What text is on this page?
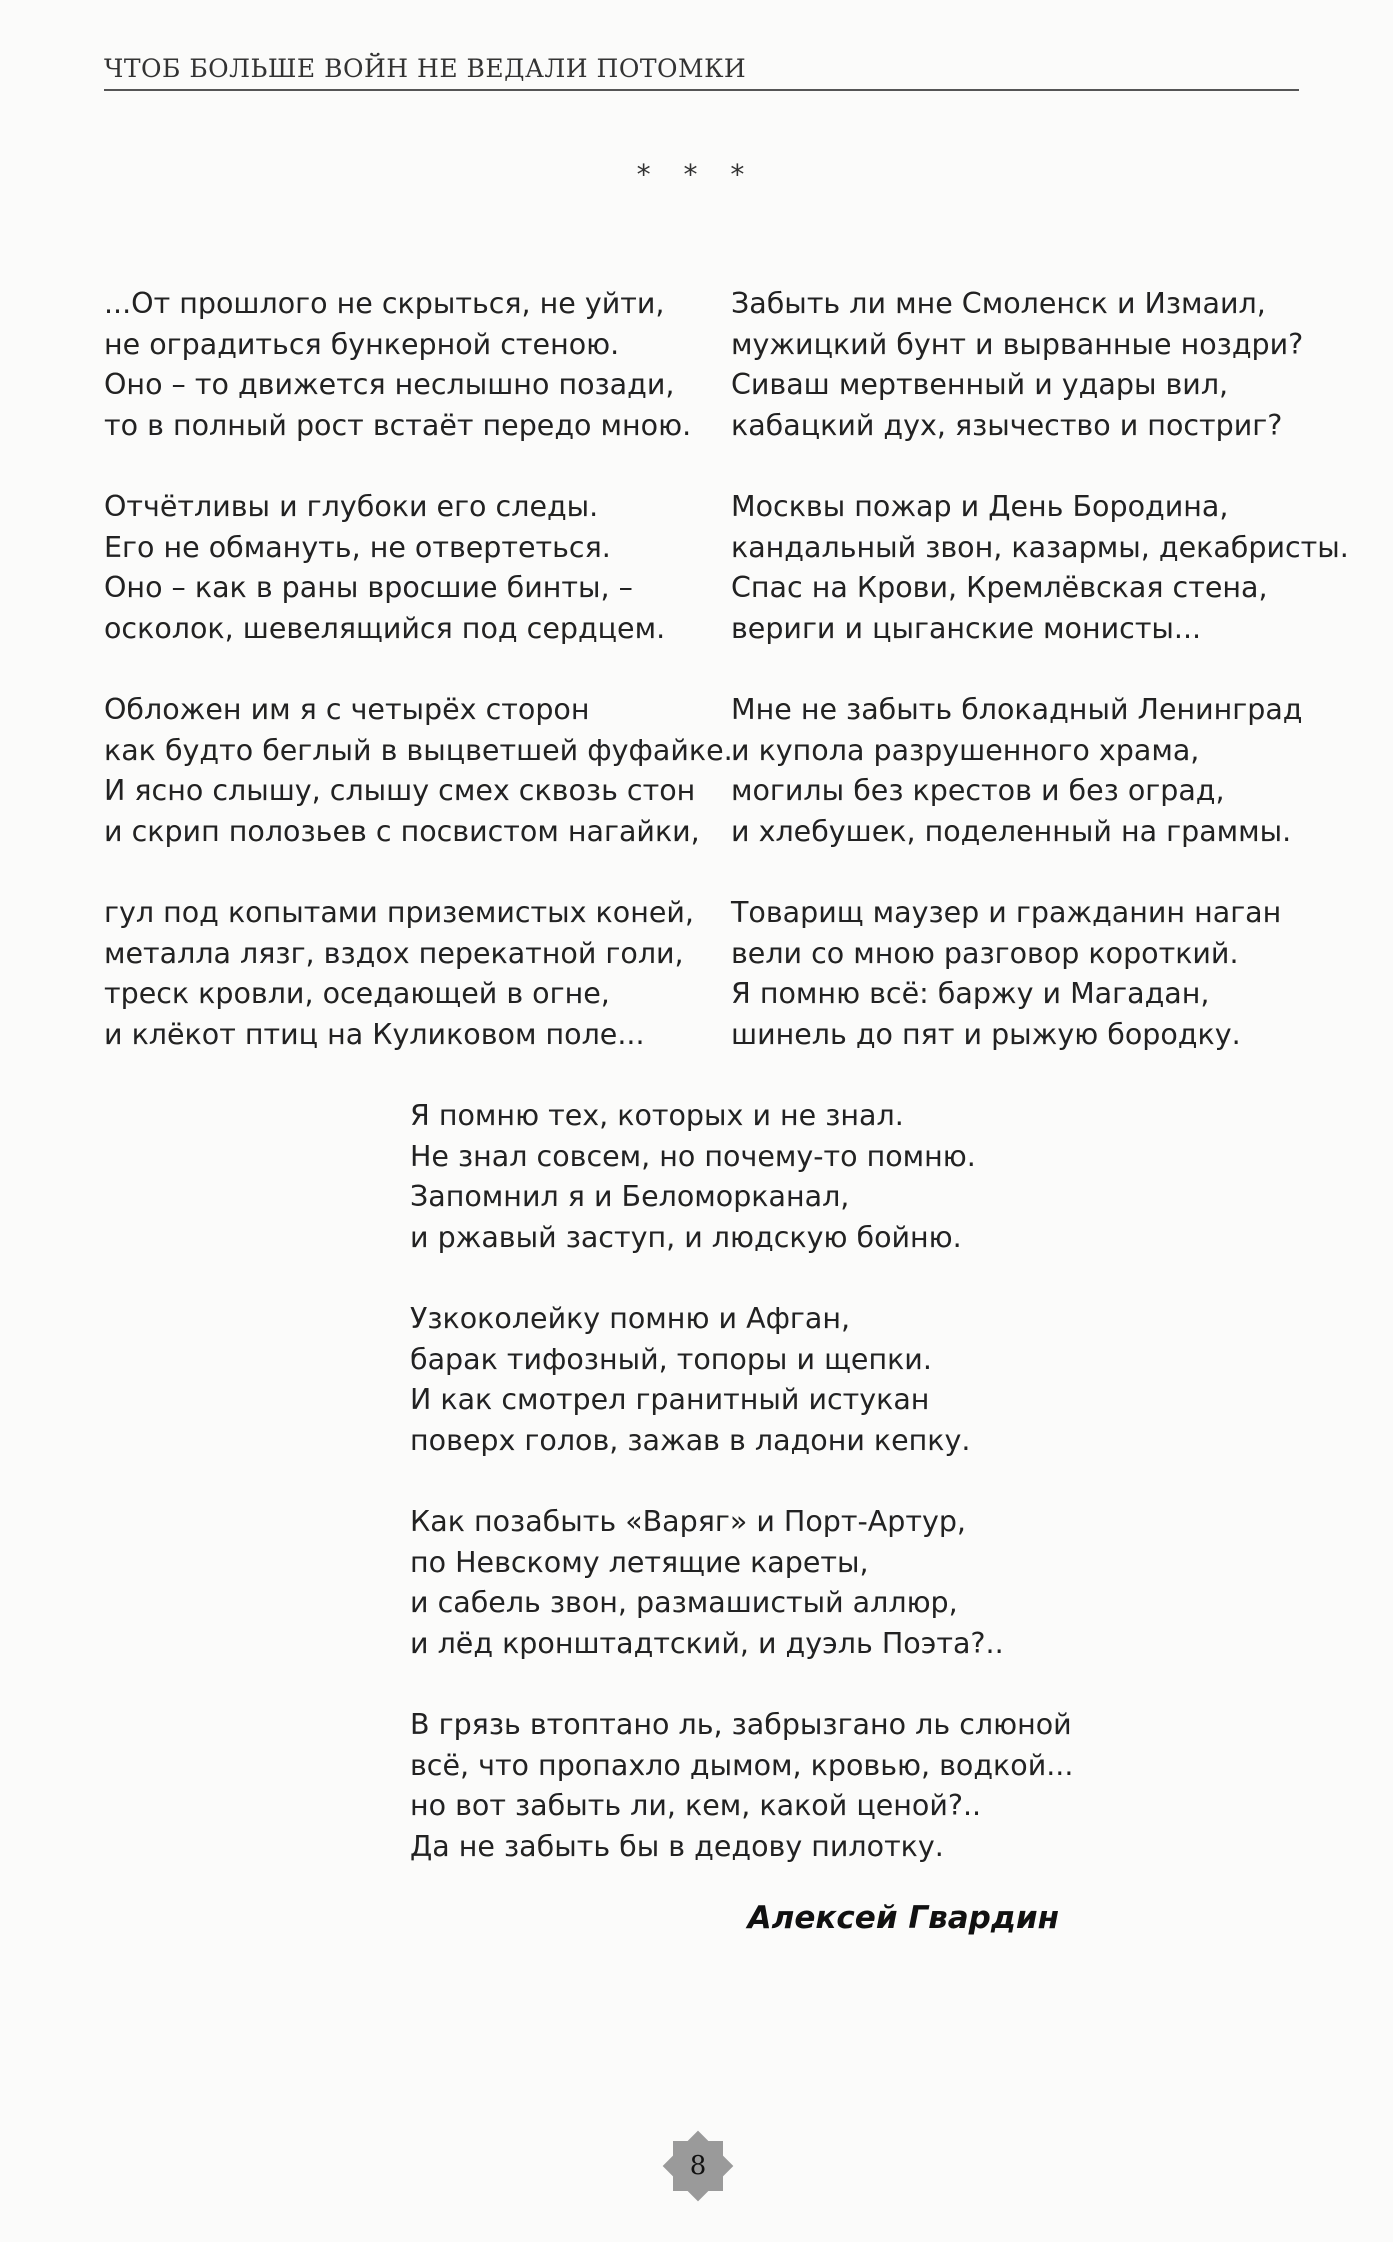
ЧТОБ БОЛЬШЕ ВОЙН НЕ ВЕДАЛИ ПОТОМКИ
* * *
...От прошлого не скрыться, не уйти,
не оградиться бункерной стеною.
Оно – то движется неслышно позади,
то в полный рост встаёт передо мною.
Отчётливы и глубоки его следы.
Его не обмануть, не отвертеться.
Оно – как в раны вросшие бинты, –
осколок, шевелящийся под сердцем.
Обложен им я с четырёх сторон
как будто беглый в выцветшей фуфайке.
И ясно слышу, слышу смех сквозь стон
и скрип полозьев с посвистом нагайки,
гул под копытами приземистых коней,
металла лязг, вздох перекатной голи,
треск кровли, оседающей в огне,
и клёкот птиц на Куликовом поле...
Забыть ли мне Смоленск и Измаил,
мужицкий бунт и вырванные ноздри?
Сиваш мертвенный и удары вил,
кабацкий дух, язычество и постриг?
Москвы пожар и День Бородина,
кандальный звон, казармы, декабристы.
Спас на Крови, Кремлёвская стена,
вериги и цыганские мониcты...
Мне не забыть блокадный Ленинград
и купола разрушенного храма,
могилы без крестов и без оград,
и хлебушек, поделенный на граммы.
Товарищ маузер и гражданин наган
вели со мною разговор короткий.
Я помню всё: баржу и Магадан,
шинель до пят и рыжую бородку.
Я помню тех, которых и не знал.
Не знал совсем, но почему-то помню.
Запомнил я и Беломорканал,
и ржавый заступ, и людскую бойню.
Узкоколейку помню и Афган,
барак тифозный, топоры и щепки.
И как смотрел гранитный истукан
поверх голов, зажав в ладони кепку.
Как позабыть «Варяг» и Порт-Артур,
по Невскому летящие кареты,
и сабель звон, размашистый аллюр,
и лёд кронштадтский, и дуэль Поэта?..
В грязь втоптано ль, забрызгано ль слюной
всё, что пропахло дымом, кровью, водкой...
но вот забыть ли, кем, какой ценой?..
Да не забыть бы в дедову пилотку.
Алексей Гвардин
8
